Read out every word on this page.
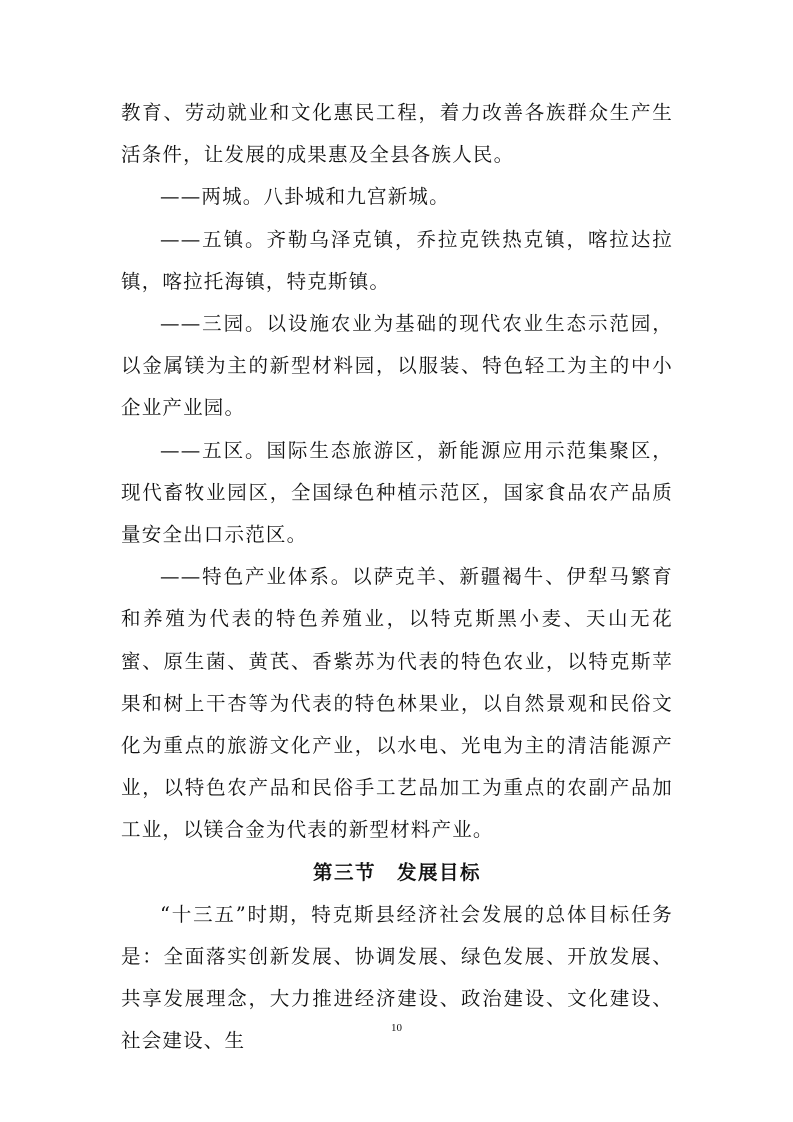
教育、劳动就业和文化惠民工程，着力改善各族群众生产生活条件，让发展的成果惠及全县各族人民。

——两城。八卦城和九宫新城。

——五镇。齐勒乌泽克镇，乔拉克铁热克镇，喀拉达拉镇，喀拉托海镇，特克斯镇。

——三园。以设施农业为基础的现代农业生态示范园，以金属镁为主的新型材料园，以服装、特色轻工为主的中小企业产业园。

——五区。国际生态旅游区，新能源应用示范集聚区，现代畜牧业园区，全国绿色种植示范区，国家食品农产品质量安全出口示范区。

——特色产业体系。以萨克羊、新疆褐牛、伊犁马繁育和养殖为代表的特色养殖业，以特克斯黑小麦、天山无花蜜、原生菌、黄芪、香紫苏为代表的特色农业，以特克斯苹果和树上干杏等为代表的特色林果业，以自然景观和民俗文化为重点的旅游文化产业，以水电、光电为主的清洁能源产业，以特色农产品和民俗手工艺品加工为重点的农副产品加工业，以镁合金为代表的新型材料产业。

第三节　发展目标

“十三五”时期，特克斯县经济社会发展的总体目标任务是：全面落实创新发展、协调发展、绿色发展、开放发展、共享发展理念，大力推进经济建设、政治建设、文化建设、社会建设、生

10
